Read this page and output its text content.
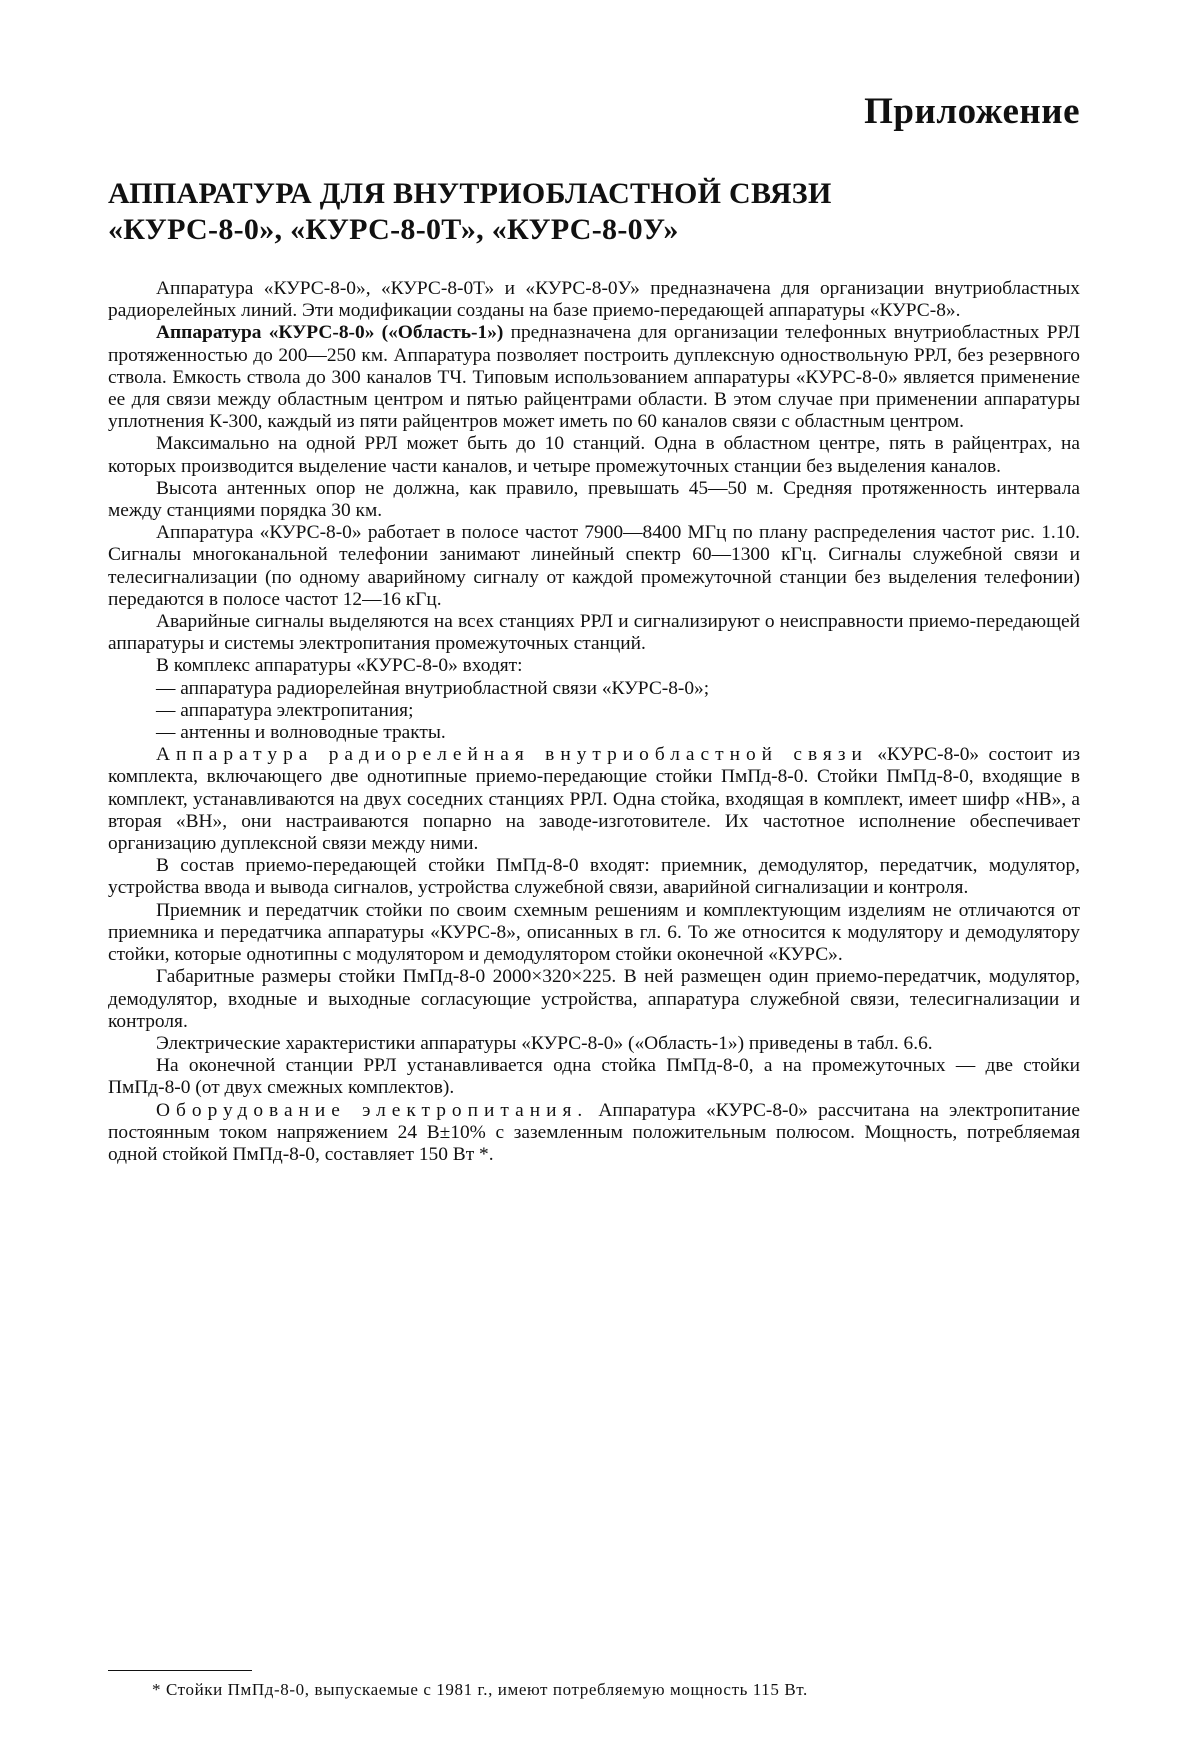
Приложение
АППАРАТУРА ДЛЯ ВНУТРИОБЛАСТНОЙ СВЯЗИ
«КУРС-8-0», «КУРС-8-0Т», «КУРС-8-0У»

Аппаратура «КУРС-8-0», «КУРС-8-0Т» и «КУРС-8-0У» предназначена для организации внутриобластных радиорелейных линий. Эти модификации созданы на базе приемо-передающей аппаратуры «КУРС-8».

Аппаратура «КУРС-8-0» («Область-1») предназначена для организации телефонных внутриобластных РРЛ протяженностью до 200—250 км. Аппаратура позволяет построить дуплексную одноствольную РРЛ, без резервного ствола. Емкость ствола до 300 каналов ТЧ. Типовым использованием аппаратуры «КУРС-8-0» является применение ее для связи между областным центром и пятью райцентрами области. В этом случае при применении аппаратуры уплотнения К-300, каждый из пяти райцентров может иметь по 60 каналов связи с областным центром.

Максимально на одной РРЛ может быть до 10 станций. Одна в областном центре, пять в райцентрах, на которых производится выделение части каналов, и четыре промежуточных станции без выделения каналов.

Высота антенных опор не должна, как правило, превышать 45—50 м. Средняя протяженность интервала между станциями порядка 30 км.

Аппаратура «КУРС-8-0» работает в полосе частот 7900—8400 МГц по плану распределения частот рис. 1.10. Сигналы многоканальной телефонии занимают линейный спектр 60—1300 кГц. Сигналы служебной связи и телесигнализации (по одному аварийному сигналу от каждой промежуточной станции без выделения телефонии) передаются в полосе частот 12—16 кГц.

Аварийные сигналы выделяются на всех станциях РРЛ и сигнализируют о неисправности приемо-передающей аппаратуры и системы электропитания промежуточных станций.

В комплекс аппаратуры «КУРС-8-0» входят:

— аппаратура радиорелейная внутриобластной связи «КУРС-8-0»;

— аппаратура электропитания;

— антенны и волноводные тракты.

Аппаратура радиорелейная внутриобластной связи «КУРС-8-0» состоит из комплекта, включающего две однотипные приемо-передающие стойки ПмПд-8-0. Стойки ПмПд-8-0, входящие в комплект, устанавливаются на двух соседних станциях РРЛ. Одна стойка, входящая в комплект, имеет шифр «НВ», а вторая «ВН», они настраиваются попарно на заводе-изготовителе. Их частотное исполнение обеспечивает организацию дуплексной связи между ними.

В состав приемо-передающей стойки ПмПд-8-0 входят: приемник, демодулятор, передатчик, модулятор, устройства ввода и вывода сигналов, устройства служебной связи, аварийной сигнализации и контроля.

Приемник и передатчик стойки по своим схемным решениям и комплектующим изделиям не отличаются от приемника и передатчика аппаратуры «КУРС-8», описанных в гл. 6. То же относится к модулятору и демодулятору стойки, которые однотипны с модулятором и демодулятором стойки оконечной «КУРС».

Габаритные размеры стойки ПмПд-8-0 2000×320×225. В ней размещен один приемо-передатчик, модулятор, демодулятор, входные и выходные согласующие устройства, аппаратура служебной связи, телесигнализации и контроля.

Электрические характеристики аппаратуры «КУРС-8-0» («Область-1») приведены в табл. 6.6.

На оконечной станции РРЛ устанавливается одна стойка ПмПд-8-0, а на промежуточных — две стойки ПмПд-8-0 (от двух смежных комплектов).

Оборудование электропитания. Аппаратура «КУРС-8-0» рассчитана на электропитание постоянным током напряжением 24 В±10% с заземленным положительным полюсом. Мощность, потребляемая одной стойкой ПмПд-8-0, составляет 150 Вт *.

* Стойки ПмПд-8-0, выпускаемые с 1981 г., имеют потребляемую мощность 115 Вт.
